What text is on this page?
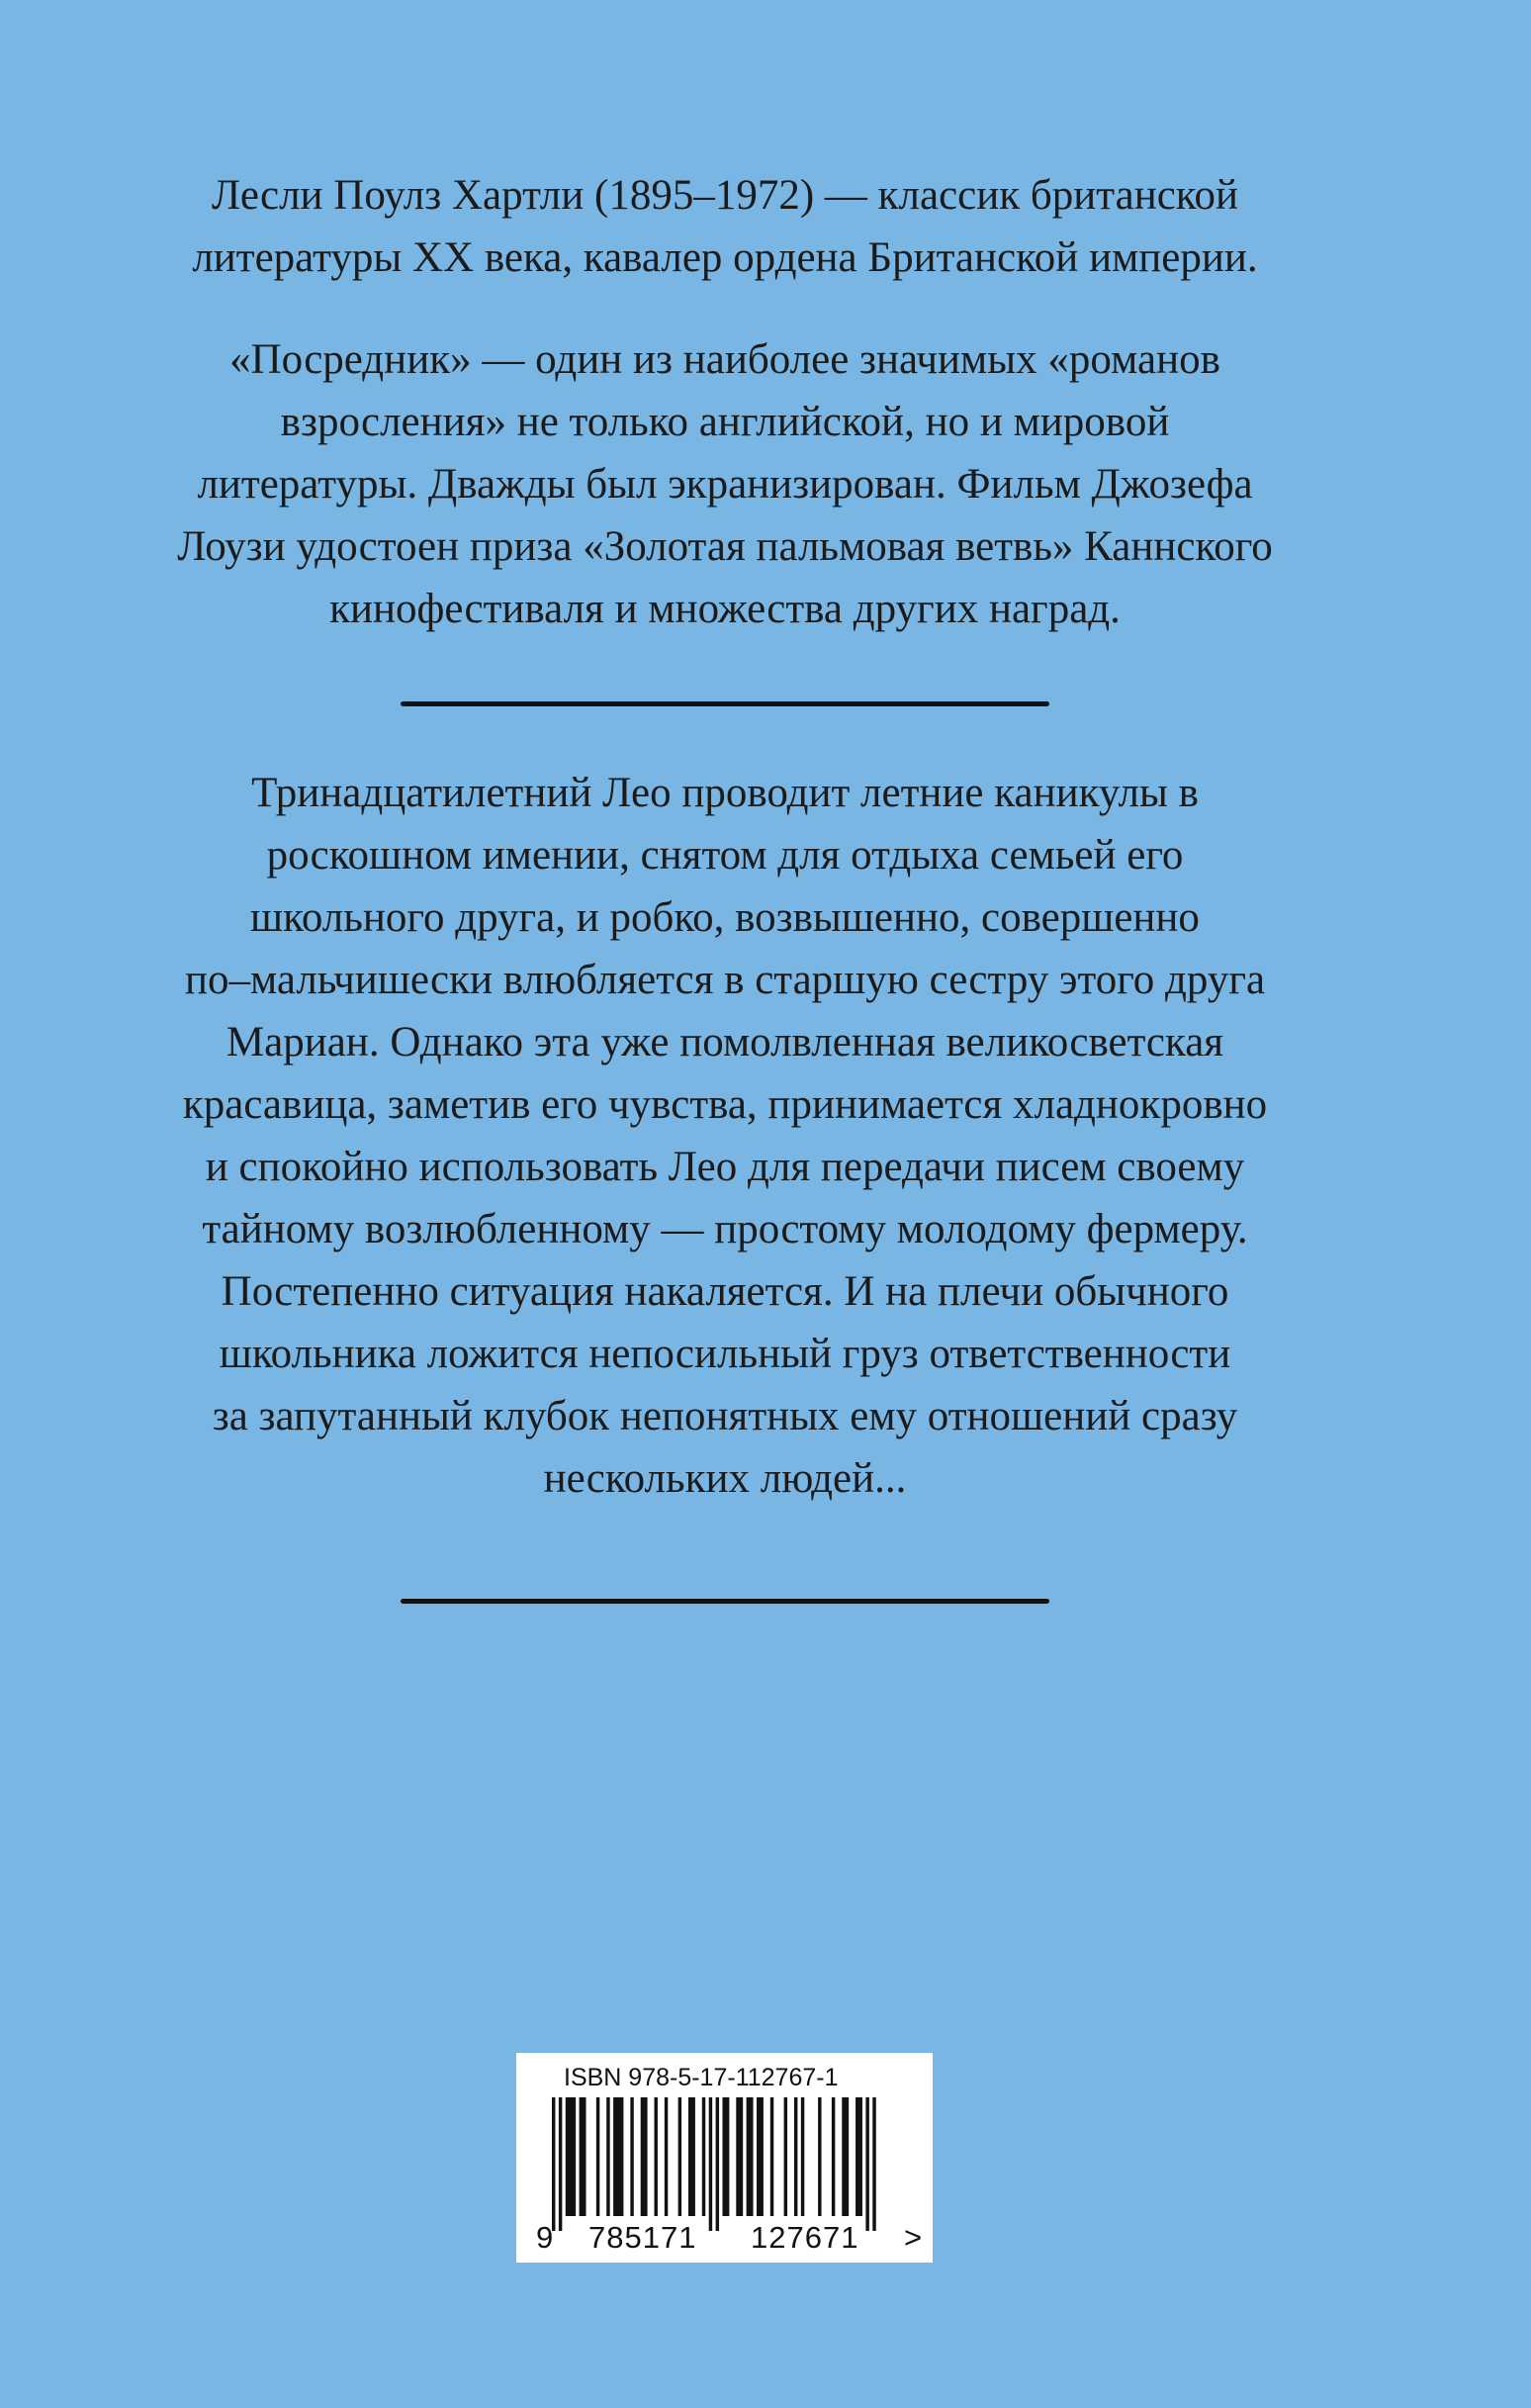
Лесли Поулз Хартли (1895–1972) — классик британской
литературы XX века, кавалер ордена Британской империи.

«Посредник» — один из наиболее значимых «романов
взросления» не только английской, но и мировой
литературы. Дважды был экранизирован. Фильм Джозефа
Лоузи удостоен приза «Золотая пальмовая ветвь» Каннского
кинофестиваля и множества других наград.

Тринадцатилетний Лео проводит летние каникулы в
роскошном имении, снятом для отдыха семьей его
школьного друга, и робко, возвышенно, совершенно
по–мальчишески влюбляется в старшую сестру этого друга
Мариан. Однако эта уже помолвленная великосветская
красавица, заметив его чувства, принимается хладнокровно
и спокойно использовать Лео для передачи писем своему
тайному возлюбленному — простому молодому фермеру.
Постепенно ситуация накаляется. И на плечи обычного
школьника ложится непосильный груз ответственности
за запутанный клубок непонятных ему отношений сразу
нескольких людей...

ISBN 978-5-17-112767-1
9 785171 127671 >
